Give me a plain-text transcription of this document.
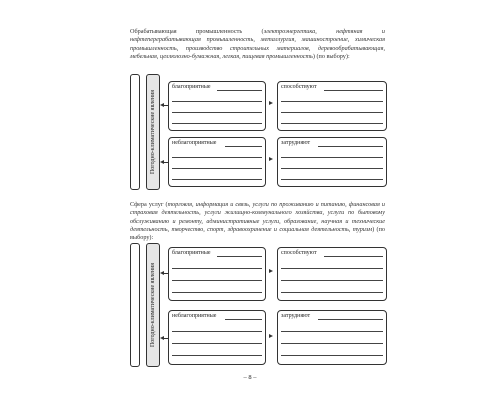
Обрабатывающая промышленность (электроэнергетика, нефтяная и нефтеперерабатывающая промышленность, металлургия, машиностроение, химическая промышленность, производство строительных материалов, деревообрабатывающая, мебельная, целлюлозно-бумажная, легкая, пищевая промышленность) (по выбору):

Погодно-климатические явления
благоприятные	способствуют
неблагоприятные	затрудняют

Сфера услуг (торговля, информация и связь, услуги по проживанию и питанию, финансовая и страховая деятельность, услуги жилищно-коммунального хозяйства, услуги по бытовому обслуживанию и ремонту, административные услуги, образование, научная и технические деятельность, творчество, спорт, здравоохранение и социальная деятельность, туризм) (по выбору):

Погодно-климатические явления
благоприятные	способствуют
неблагоприятные	затрудняют
– 8 –
